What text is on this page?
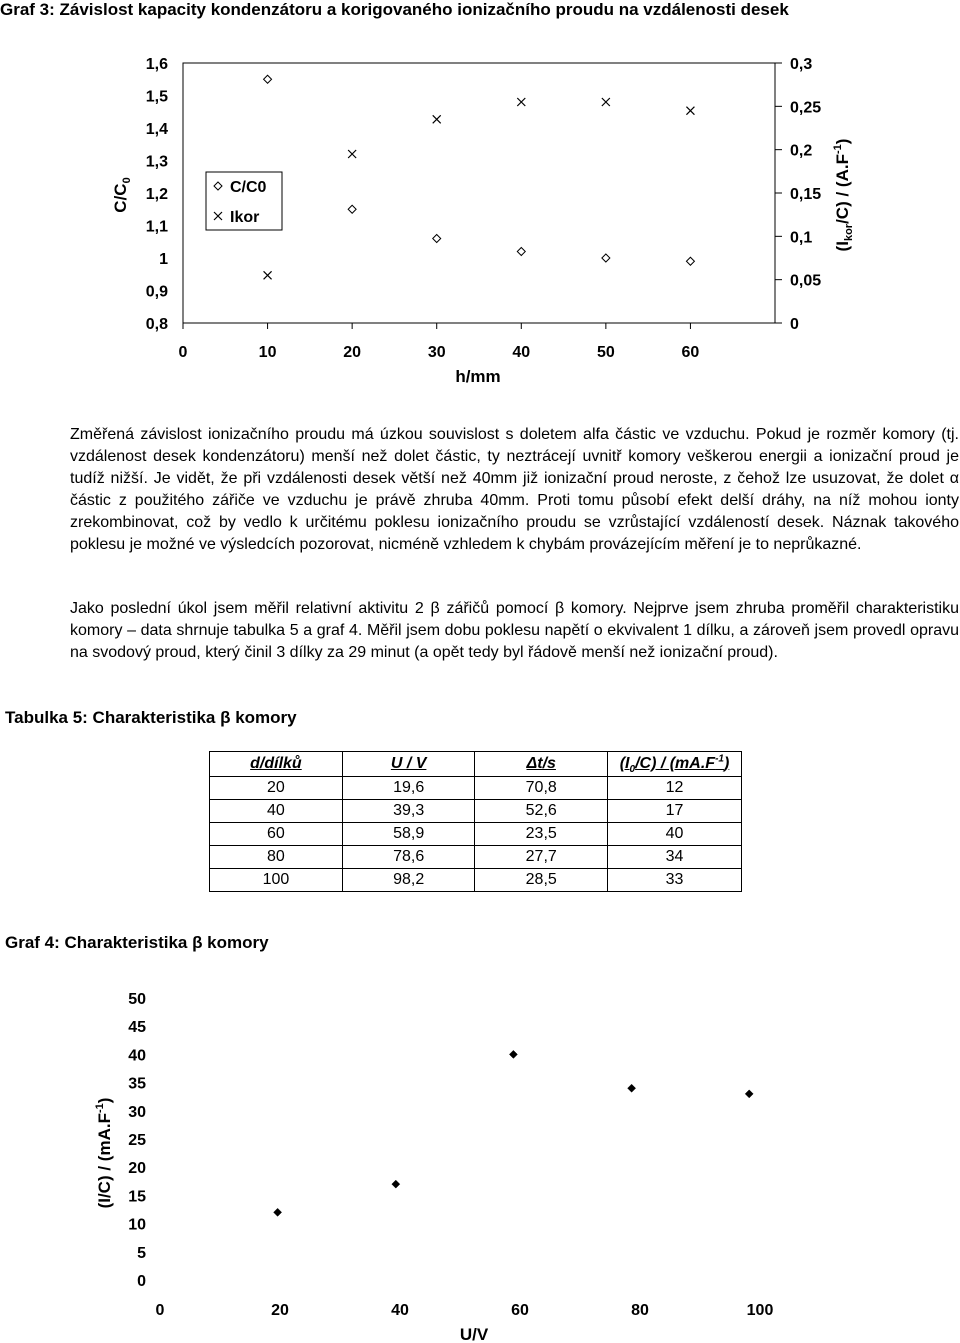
Graf 3: Závislost kapacity kondenzátoru a korigovaného ionizačního proudu na vzdálenosti desek
1,6
1,5
1,4
1,3
1,2
1,1
1
0,9
0,8
0,3
0,25
0,2
0,15
0,1
0,05
0
0	10	20	30	40	50	60
$C/C_0$
$(I_{kor}/C) / (A.F^{-1})$
h/mm
C/C0
Ikor

Změřená závislost ionizačního proudu má úzkou souvislost s doletem alfa částic ve vzduchu. Pokud je rozměr komory (tj. vzdálenost desek kondenzátoru) menší než dolet částic, ty neztrácejí uvnitř komory veškerou energii a ionizační proud je tudíž nižší. Je vidět, že při vzdálenosti desek větší než 40mm již ionizační proud neroste, z čehož lze usuzovat, že dolet α částic z použitého zářiče ve vzduchu je právě zhruba 40mm. Proti tomu působí efekt delší dráhy, na níž mohou ionty zrekombinovat, což by vedlo k určitému poklesu ionizačního proudu se vzrůstající vzdáleností desek. Náznak takového poklesu je možné ve výsledcích pozorovat, nicméně vzhledem k chybám provázejícím měření je to neprůkazné.

Jako poslední úkol jsem měřil relativní aktivitu 2 β zářičů pomocí β komory. Nejprve jsem zhruba proměřil charakteristiku komory – data shrnuje tabulka 5 a graf 4. Měřil jsem dobu poklesu napětí o ekvivalent 1 dílku, a zároveň jsem provedl opravu na svodový proud, který činil 3 dílky za 29 minut (a opět tedy byl řádově menší než ionizační proud).

Tabulka 5: Charakteristika β komory
d/dílků	U / V	Δt/s	$(I_0/C) / (mA.F^{-1})$
20	19,6	70,8	12
40	39,3	52,6	17
60	58,9	23,5	40
80	78,6	27,7	34
100	98,2	28,5	33
Graf 4: Charakteristika β komory
50
45
40
35
30
25
20
15
10
5
0
0	20	40	60	80	100
$(I/C) / (mA.F^{-1})$
U/V
